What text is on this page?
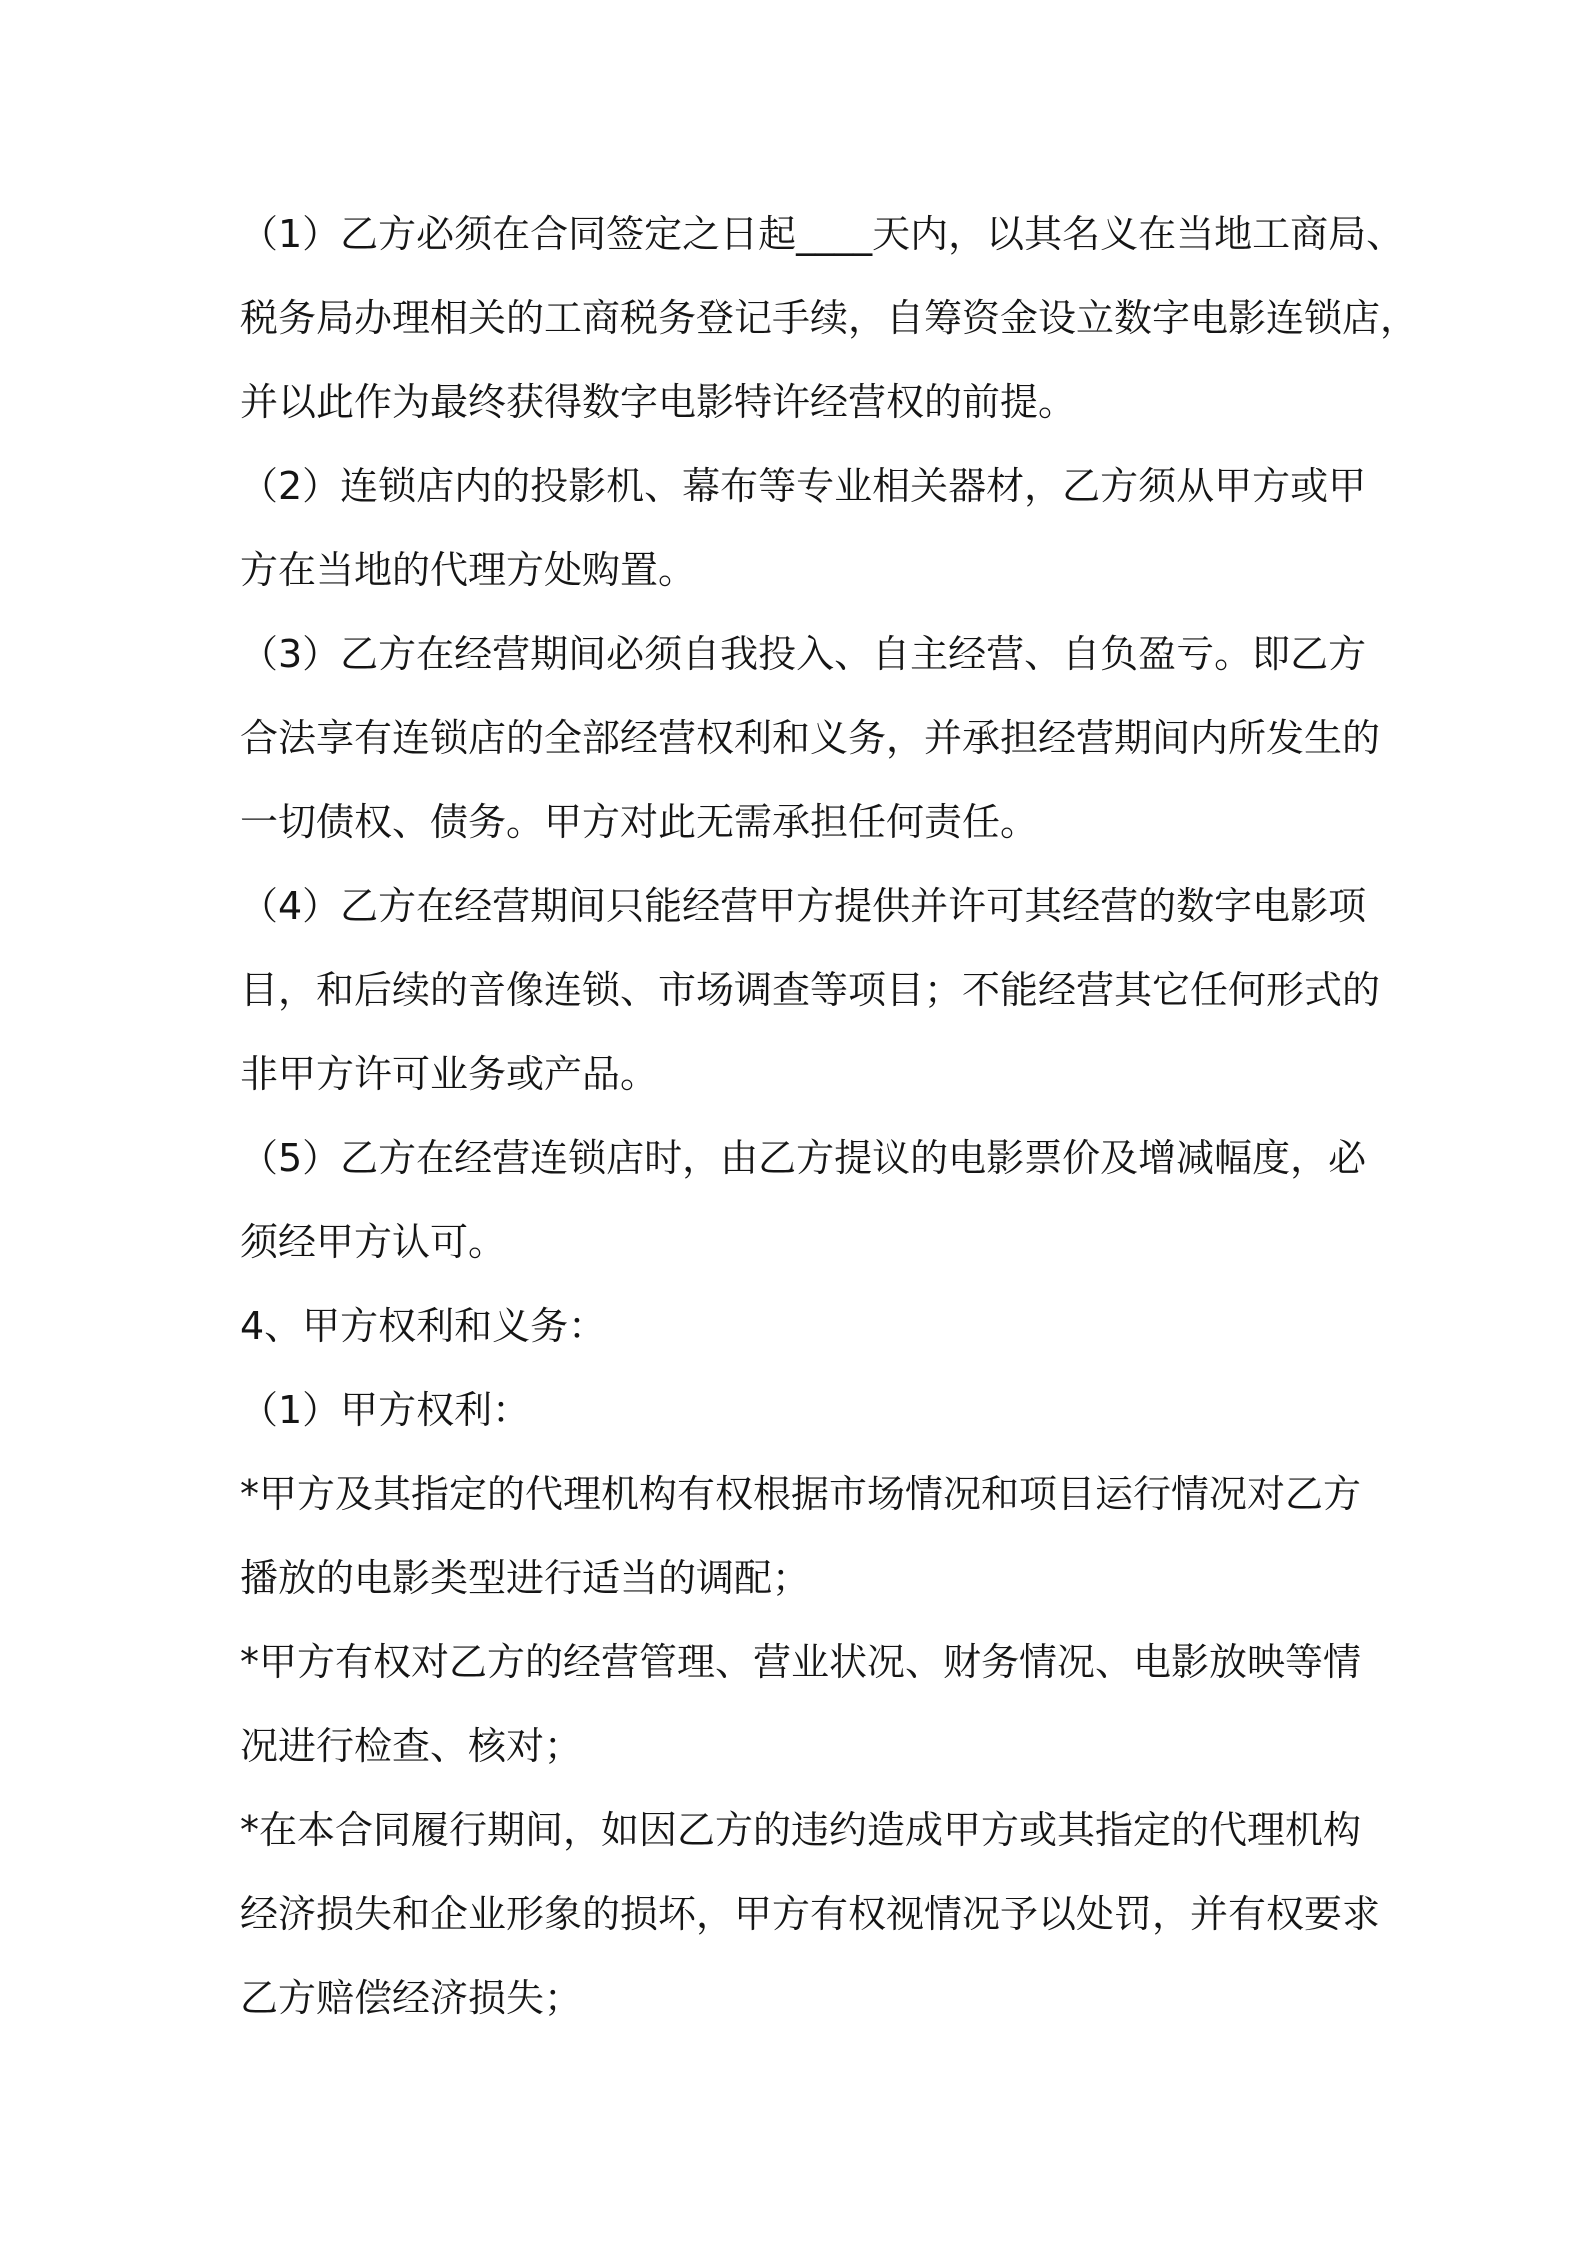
（1）乙方必须在合同签定之日起____天内，以其名义在当地工商局、
税务局办理相关的工商税务登记手续，自筹资金设立数字电影连锁店，
并以此作为最终获得数字电影特许经营权的前提。
（2）连锁店内的投影机、幕布等专业相关器材，乙方须从甲方或甲
方在当地的代理方处购置。
（3）乙方在经营期间必须自我投入、自主经营、自负盈亏。即乙方
合法享有连锁店的全部经营权利和义务，并承担经营期间内所发生的
一切债权、债务。甲方对此无需承担任何责任。
（4）乙方在经营期间只能经营甲方提供并许可其经营的数字电影项
目，和后续的音像连锁、市场调查等项目；不能经营其它任何形式的
非甲方许可业务或产品。
（5）乙方在经营连锁店时，由乙方提议的电影票价及增减幅度，必
须经甲方认可。
4、甲方权利和义务：
（1）甲方权利：
*甲方及其指定的代理机构有权根据市场情况和项目运行情况对乙方
播放的电影类型进行适当的调配；
*甲方有权对乙方的经营管理、营业状况、财务情况、电影放映等情
况进行检查、核对；
*在本合同履行期间，如因乙方的违约造成甲方或其指定的代理机构
经济损失和企业形象的损坏，甲方有权视情况予以处罚，并有权要求
乙方赔偿经济损失；
